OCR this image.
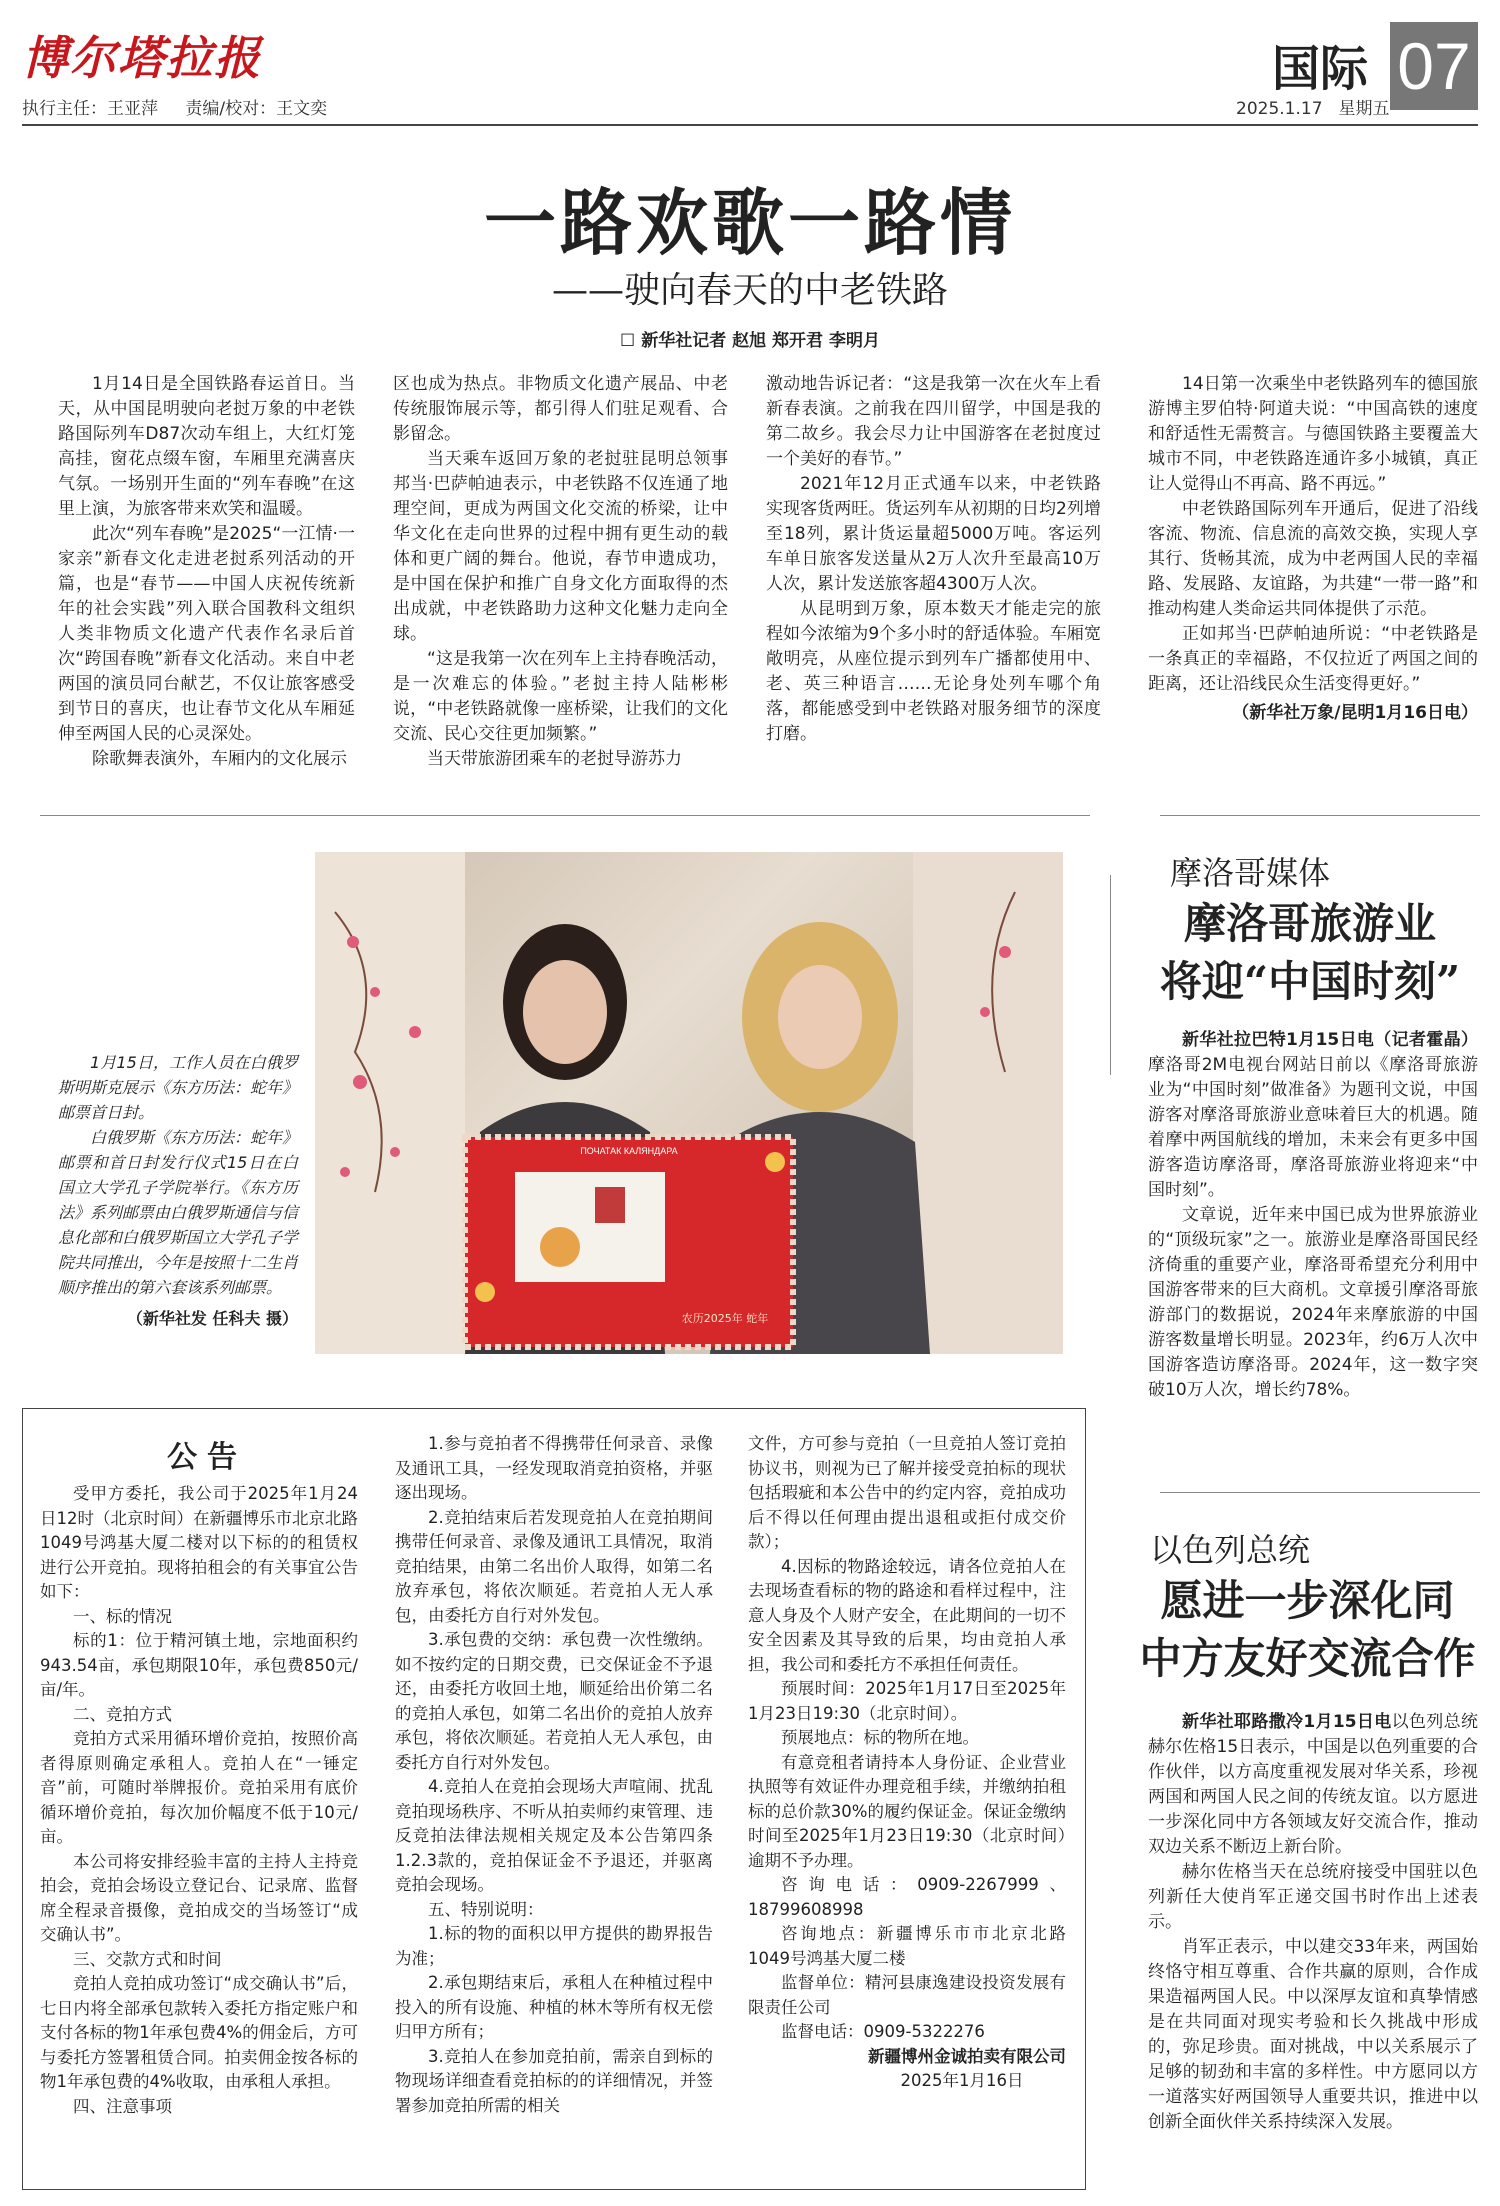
博尔塔拉报
执行主任：王亚萍 责编/校对：王文奕
国际 07
2025.1.17 星期五
一路欢歌一路情
——驶向春天的中老铁路
☐ 新华社记者 赵旭 郑开君 李明月

1月14日是全国铁路春运首日。当天，从中国昆明驶向老挝万象的中老铁路国际列车D87次动车组上，大红灯笼高挂，窗花点缀车窗，车厢里充满喜庆气氛。一场别开生面的“列车春晚”在这里上演，为旅客带来欢笑和温暖。

此次“列车春晚”是2025“一江情·一家亲”新春文化走进老挝系列活动的开篇，也是“春节——中国人庆祝传统新年的社会实践”列入联合国教科文组织人类非物质文化遗产代表作名录后首次“跨国春晚”新春文化活动。来自中老两国的演员同台献艺，不仅让旅客感受到节日的喜庆，也让春节文化从车厢延伸至两国人民的心灵深处。

除歌舞表演外，车厢内的文化展示

区也成为热点。非物质文化遗产展品、中老传统服饰展示等，都引得人们驻足观看、合影留念。

当天乘车返回万象的老挝驻昆明总领事邦当·巴萨帕迪表示，中老铁路不仅连通了地理空间，更成为两国文化交流的桥梁，让中华文化在走向世界的过程中拥有更生动的载体和更广阔的舞台。他说，春节申遗成功，是中国在保护和推广自身文化方面取得的杰出成就，中老铁路助力这种文化魅力走向全球。

“这是我第一次在列车上主持春晚活动，是一次难忘的体验。”老挝主持人陆彬彬说，“中老铁路就像一座桥梁，让我们的文化交流、民心交往更加频繁。”

当天带旅游团乘车的老挝导游苏力

激动地告诉记者：“这是我第一次在火车上看新春表演。之前我在四川留学，中国是我的第二故乡。我会尽力让中国游客在老挝度过一个美好的春节。”

2021年12月正式通车以来，中老铁路实现客货两旺。货运列车从初期的日均2列增至18列，累计货运量超5000万吨。客运列车单日旅客发送量从2万人次升至最高10万人次，累计发送旅客超4300万人次。

从昆明到万象，原本数天才能走完的旅程如今浓缩为9个多小时的舒适体验。车厢宽敞明亮，从座位提示到列车广播都使用中、老、英三种语言……无论身处列车哪个角落，都能感受到中老铁路对服务细节的深度打磨。

14日第一次乘坐中老铁路列车的德国旅游博主罗伯特·阿道夫说：“中国高铁的速度和舒适性无需赘言。与德国铁路主要覆盖大城市不同，中老铁路连通许多小城镇，真正让人觉得山不再高、路不再远。”

中老铁路国际列车开通后，促进了沿线客流、物流、信息流的高效交换，实现人享其行、货畅其流，成为中老两国人民的幸福路、发展路、友谊路，为共建“一带一路”和推动构建人类命运共同体提供了示范。

正如邦当·巴萨帕迪所说：“中老铁路是一条真正的幸福路，不仅拉近了两国之间的距离，还让沿线民众生活变得更好。”

（新华社万象/昆明1月16日电）

ПОЧАТАК КАЛЯНДАРА
农历2025年 蛇年

1月15日，工作人员在白俄罗斯明斯克展示《东方历法：蛇年》邮票首日封。

白俄罗斯《东方历法：蛇年》邮票和首日封发行仪式15日在白国立大学孔子学院举行。《东方历法》系列邮票由白俄罗斯通信与信息化部和白俄罗斯国立大学孔子学院共同推出，今年是按照十二生肖顺序推出的第六套该系列邮票。

（新华社发 任科夫 摄）
摩洛哥媒体
摩洛哥旅游业
将迎“中国时刻”

新华社拉巴特1月15日电（记者霍晶）摩洛哥2M电视台网站日前以《摩洛哥旅游业为“中国时刻”做准备》为题刊文说，中国游客对摩洛哥旅游业意味着巨大的机遇。随着摩中两国航线的增加，未来会有更多中国游客造访摩洛哥，摩洛哥旅游业将迎来“中国时刻”。

文章说，近年来中国已成为世界旅游业的“顶级玩家”之一。旅游业是摩洛哥国民经济倚重的重要产业，摩洛哥希望充分利用中国游客带来的巨大商机。文章援引摩洛哥旅游部门的数据说，2024年来摩旅游的中国游客数量增长明显。2023年，约6万人次中国游客造访摩洛哥。2024年，这一数字突破10万人次，增长约78%。

以色列总统
愿进一步深化同
中方友好交流合作

新华社耶路撒冷1月15日电以色列总统赫尔佐格15日表示，中国是以色列重要的合作伙伴，以方高度重视发展对华关系，珍视两国和两国人民之间的传统友谊。以方愿进一步深化同中方各领域友好交流合作，推动双边关系不断迈上新台阶。

赫尔佐格当天在总统府接受中国驻以色列新任大使肖军正递交国书时作出上述表示。

肖军正表示，中以建交33年来，两国始终恪守相互尊重、合作共赢的原则，合作成果造福两国人民。中以深厚友谊和真挚情感是在共同面对现实考验和长久挑战中形成的，弥足珍贵。面对挑战，中以关系展示了足够的韧劲和丰富的多样性。中方愿同以方一道落实好两国领导人重要共识，推进中以创新全面伙伴关系持续深入发展。

公告

受甲方委托，我公司于2025年1月24日12时（北京时间）在新疆博乐市北京北路1049号鸿基大厦二楼对以下标的的租赁权进行公开竞拍。现将拍租会的有关事宜公告如下：

一、标的情况

标的1：位于精河镇土地，宗地面积约943.54亩，承包期限10年，承包费850元/亩/年。

二、竞拍方式

竞拍方式采用循环增价竞拍，按照价高者得原则确定承租人。竞拍人在“一锤定音”前，可随时举牌报价。竞拍采用有底价循环增价竞拍，每次加价幅度不低于10元/亩。

本公司将安排经验丰富的主持人主持竞拍会，竞拍会场设立登记台、记录席、监督席全程录音摄像，竞拍成交的当场签订“成交确认书”。

三、交款方式和时间

竞拍人竞拍成功签订“成交确认书”后，七日内将全部承包款转入委托方指定账户和支付各标的物1年承包费4%的佣金后，方可与委托方签署租赁合同。拍卖佣金按各标的物1年承包费的4%收取，由承租人承担。

四、注意事项

1.参与竞拍者不得携带任何录音、录像及通讯工具，一经发现取消竞拍资格，并驱逐出现场。

2.竞拍结束后若发现竞拍人在竞拍期间携带任何录音、录像及通讯工具情况，取消竞拍结果，由第二名出价人取得，如第二名放弃承包，将依次顺延。若竞拍人无人承包，由委托方自行对外发包。

3.承包费的交纳：承包费一次性缴纳。如不按约定的日期交费，已交保证金不予退还，由委托方收回土地，顺延给出价第二名的竞拍人承包，如第二名出价的竞拍人放弃承包，将依次顺延。若竞拍人无人承包，由委托方自行对外发包。

4.竞拍人在竞拍会现场大声喧闹、扰乱竞拍现场秩序、不听从拍卖师约束管理、违反竞拍法律法规相关规定及本公告第四条1.2.3款的，竞拍保证金不予退还，并驱离竞拍会现场。

五、特别说明：

1.标的物的面积以甲方提供的勘界报告为准；

2.承包期结束后，承租人在种植过程中投入的所有设施、种植的林木等所有权无偿归甲方所有；

3.竞拍人在参加竞拍前，需亲自到标的物现场详细查看竞拍标的的详细情况，并签署参加竞拍所需的相关

文件，方可参与竞拍（一旦竞拍人签订竞拍协议书，则视为已了解并接受竞拍标的现状包括瑕疵和本公告中的约定内容，竞拍成功后不得以任何理由提出退租或拒付成交价款）；

4.因标的物路途较远，请各位竞拍人在去现场查看标的物的路途和看样过程中，注意人身及个人财产安全，在此期间的一切不安全因素及其导致的后果，均由竞拍人承担，我公司和委托方不承担任何责任。

预展时间：2025年1月17日至2025年1月23日19:30（北京时间）。

预展地点：标的物所在地。

有意竞租者请持本人身份证、企业营业执照等有效证件办理竞租手续，并缴纳拍租标的总价款30%的履约保证金。保证金缴纳时间至2025年1月23日19:30（北京时间）逾期不予办理。

咨询电话：0909-2267999、18799608998

咨询地点：新疆博乐市市北京北路1049号鸿基大厦二楼

监督单位：精河县康逸建设投资发展有限责任公司

监督电话：0909-5322276

新疆博州金诚拍卖有限公司

2025年1月16日
